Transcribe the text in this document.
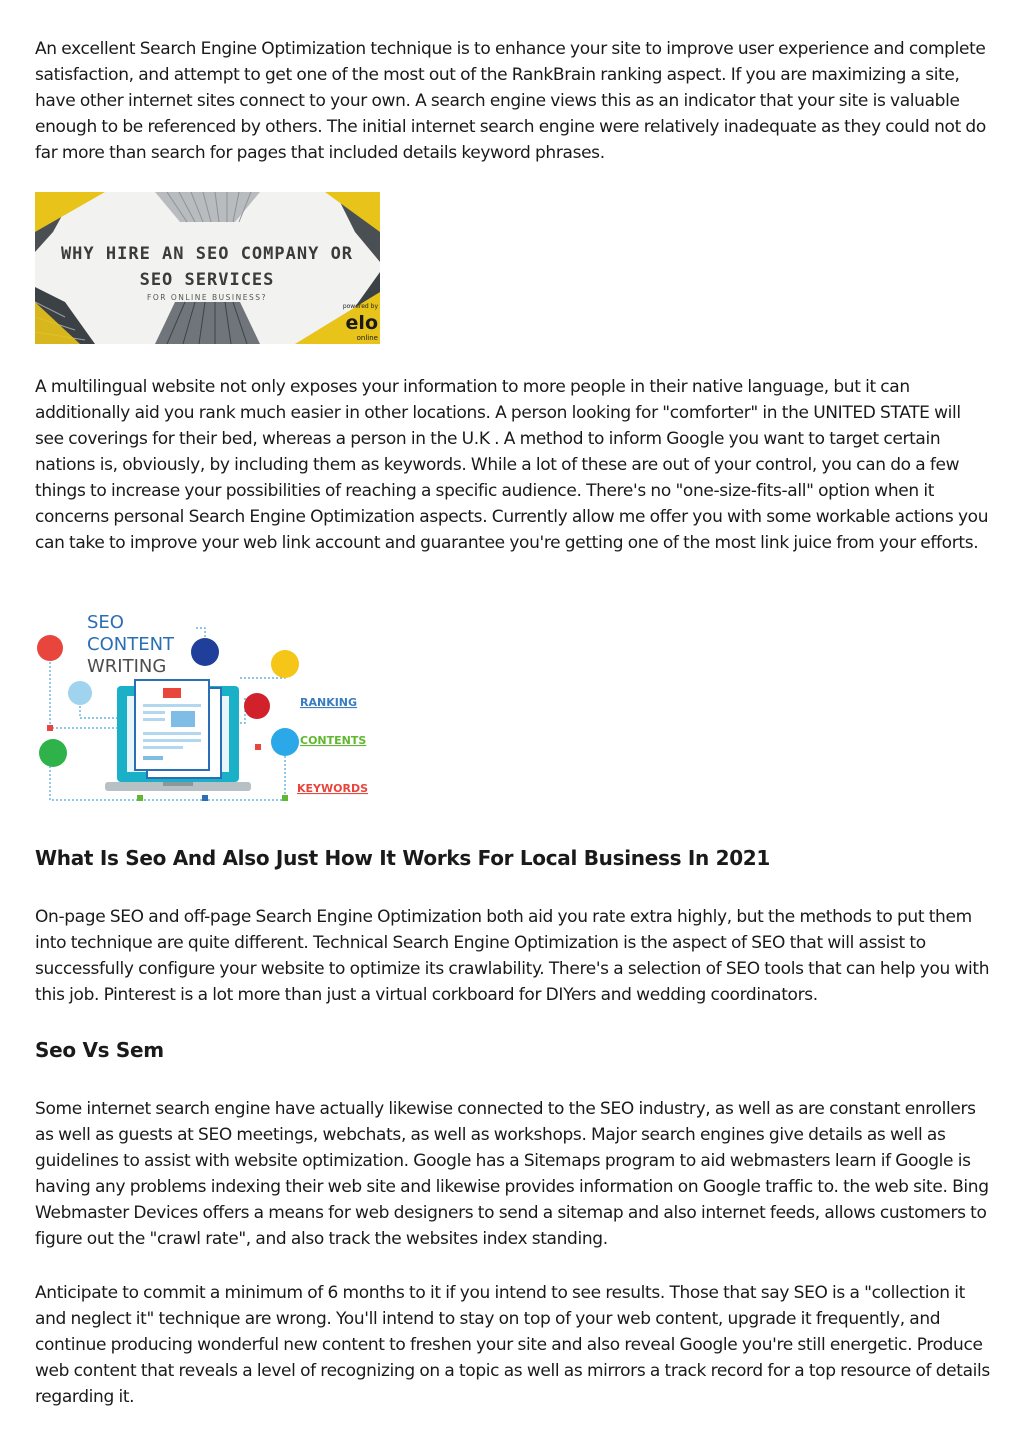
An excellent Search Engine Optimization technique is to enhance your site to improve user experience and complete satisfaction, and attempt to get one of the most out of the RankBrain ranking aspect. If you are maximizing a site, have other internet sites connect to your own. A search engine views this as an indicator that your site is valuable enough to be referenced by others. The initial internet search engine were relatively inadequate as they could not do far more than search for pages that included details keyword phrases.

WHY HIRE AN SEO COMPANY OR
SEO SERVICES
FOR ONLINE BUSINESS?
powered by
elo
online

A multilingual website not only exposes your information to more people in their native language, but it can additionally aid you rank much easier in other locations. A person looking for "comforter" in the UNITED STATE will see coverings for their bed, whereas a person in the U.K . A method to inform Google you want to target certain nations is, obviously, by including them as keywords. While a lot of these are out of your control, you can do a few things to increase your possibilities of reaching a specific audience. There's no "one-size-fits-all" option when it concerns personal Search Engine Optimization aspects. Currently allow me offer you with some workable actions you can take to improve your web link account and guarantee you're getting one of the most link juice from your efforts.

SEO
CONTENT
WRITING
RANKING
CONTENTS
KEYWORDS
What Is Seo And Also Just How It Works For Local Business In 2021

On-page SEO and off-page Search Engine Optimization both aid you rate extra highly, but the methods to put them into technique are quite different. Technical Search Engine Optimization is the aspect of SEO that will assist to successfully configure your website to optimize its crawlability. There's a selection of SEO tools that can help you with this job. Pinterest is a lot more than just a virtual corkboard for DIYers and wedding coordinators.

Seo Vs Sem

Some internet search engine have actually likewise connected to the SEO industry, as well as are constant enrollers as well as guests at SEO meetings, webchats, as well as workshops. Major search engines give details as well as guidelines to assist with website optimization. Google has a Sitemaps program to aid webmasters learn if Google is having any problems indexing their web site and likewise provides information on Google traffic to. the web site. Bing Webmaster Devices offers a means for web designers to send a sitemap and also internet feeds, allows customers to figure out the "crawl rate", and also track the websites index standing.

Anticipate to commit a minimum of 6 months to it if you intend to see results. Those that say SEO is a "collection it and neglect it" technique are wrong. You'll intend to stay on top of your web content, upgrade it frequently, and continue producing wonderful new content to freshen your site and also reveal Google you're still energetic. Produce web content that reveals a level of recognizing on a topic as well as mirrors a track record for a top resource of details regarding it.
